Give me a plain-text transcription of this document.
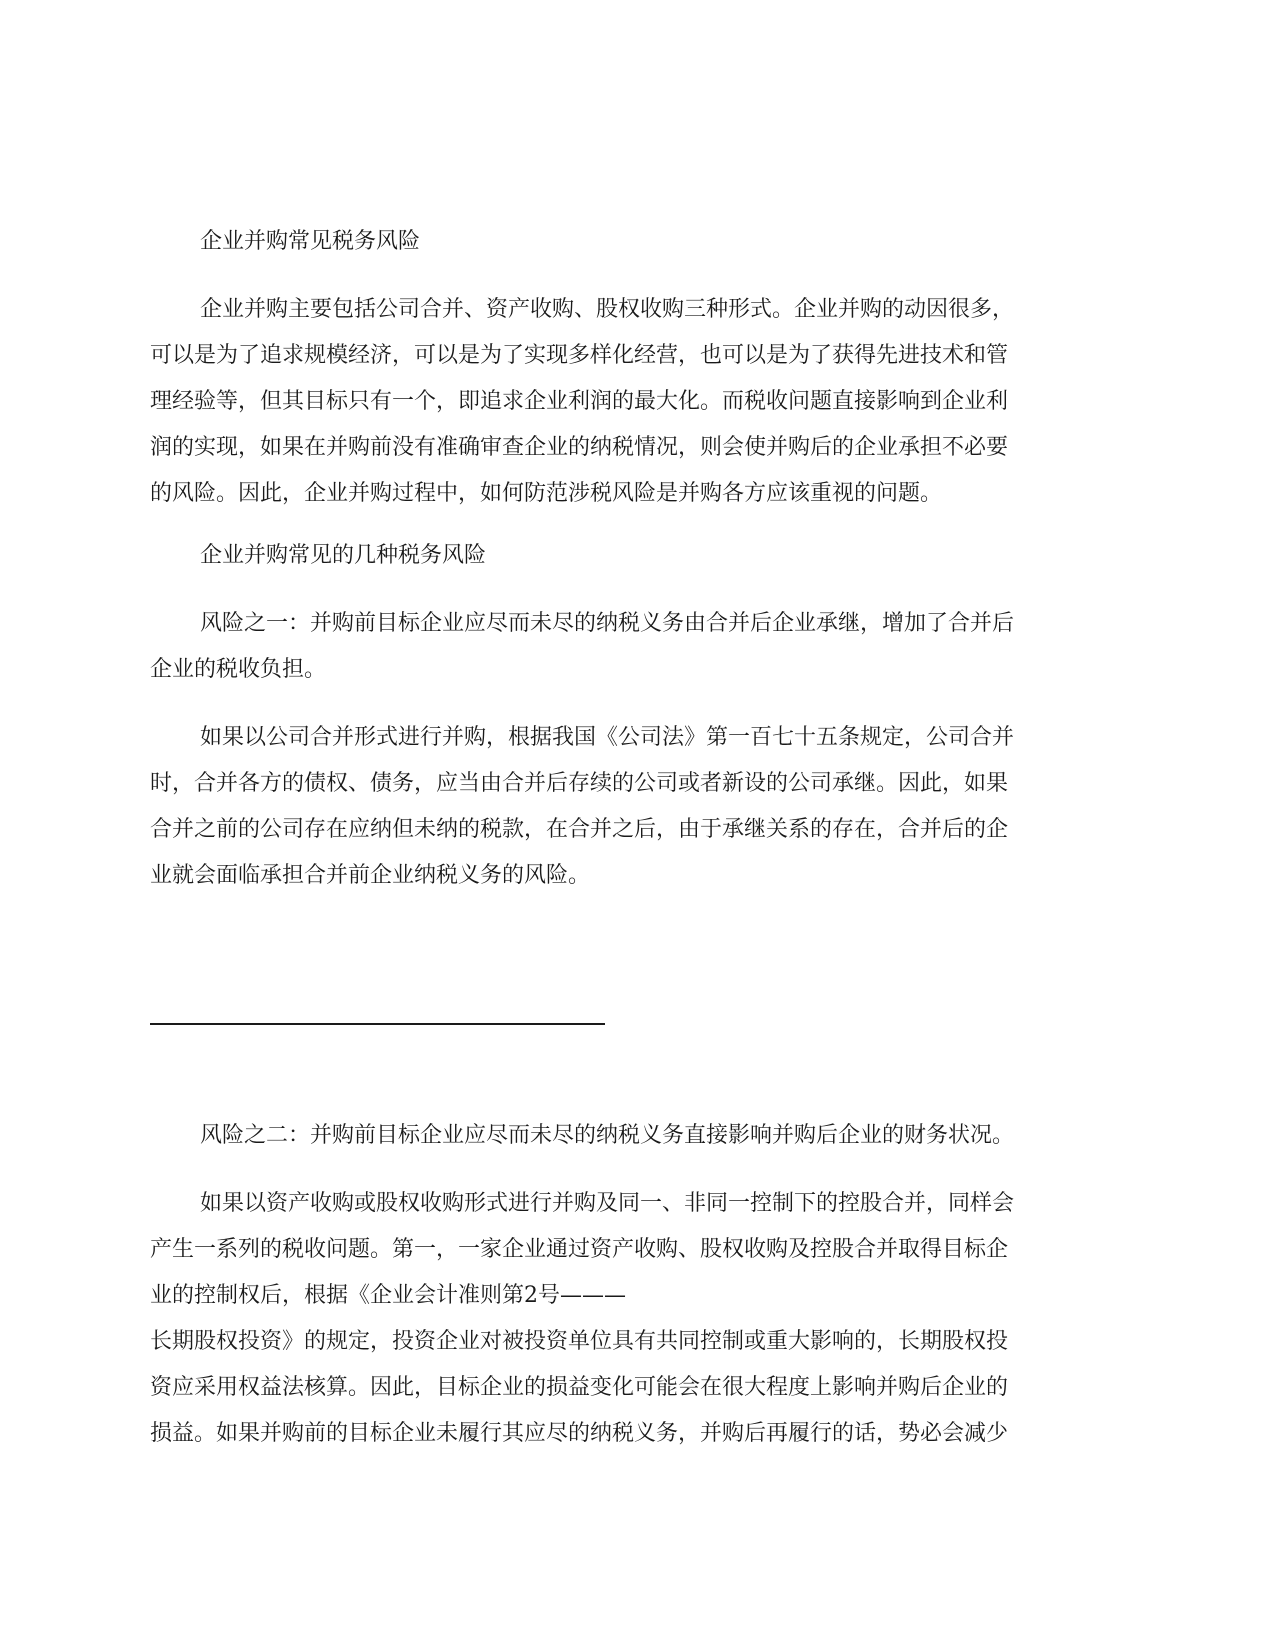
企业并购常见税务风险

企业并购主要包括公司合并、资产收购、股权收购三种形式。企业并购的动因很多，
可以是为了追求规模经济，可以是为了实现多样化经营，也可以是为了获得先进技术和管
理经验等，但其目标只有一个，即追求企业利润的最大化。而税收问题直接影响到企业利
润的实现，如果在并购前没有准确审查企业的纳税情况，则会使并购后的企业承担不必要
的风险。因此，企业并购过程中，如何防范涉税风险是并购各方应该重视的问题。

企业并购常见的几种税务风险

风险之一：并购前目标企业应尽而未尽的纳税义务由合并后企业承继，增加了合并后
企业的税收负担。
如果以公司合并形式进行并购，根据我国《公司法》第一百七十五条规定，公司合并
时，合并各方的债权、债务，应当由合并后存续的公司或者新设的公司承继。因此，如果
合并之前的公司存在应纳但未纳的税款，在合并之后，由于承继关系的存在，合并后的企
业就会面临承担合并前企业纳税义务的风险。

风险之二：并购前目标企业应尽而未尽的纳税义务直接影响并购后企业的财务状况。

如果以资产收购或股权收购形式进行并购及同一、非同一控制下的控股合并，同样会
产生一系列的税收问题。第一，一家企业通过资产收购、股权收购及控股合并取得目标企
业的控制权后，根据《企业会计准则第2号———
长期股权投资》的规定，投资企业对被投资单位具有共同控制或重大影响的，长期股权投
资应采用权益法核算。因此，目标企业的损益变化可能会在很大程度上影响并购后企业的
损益。如果并购前的目标企业未履行其应尽的纳税义务，并购后再履行的话，势必会减少
